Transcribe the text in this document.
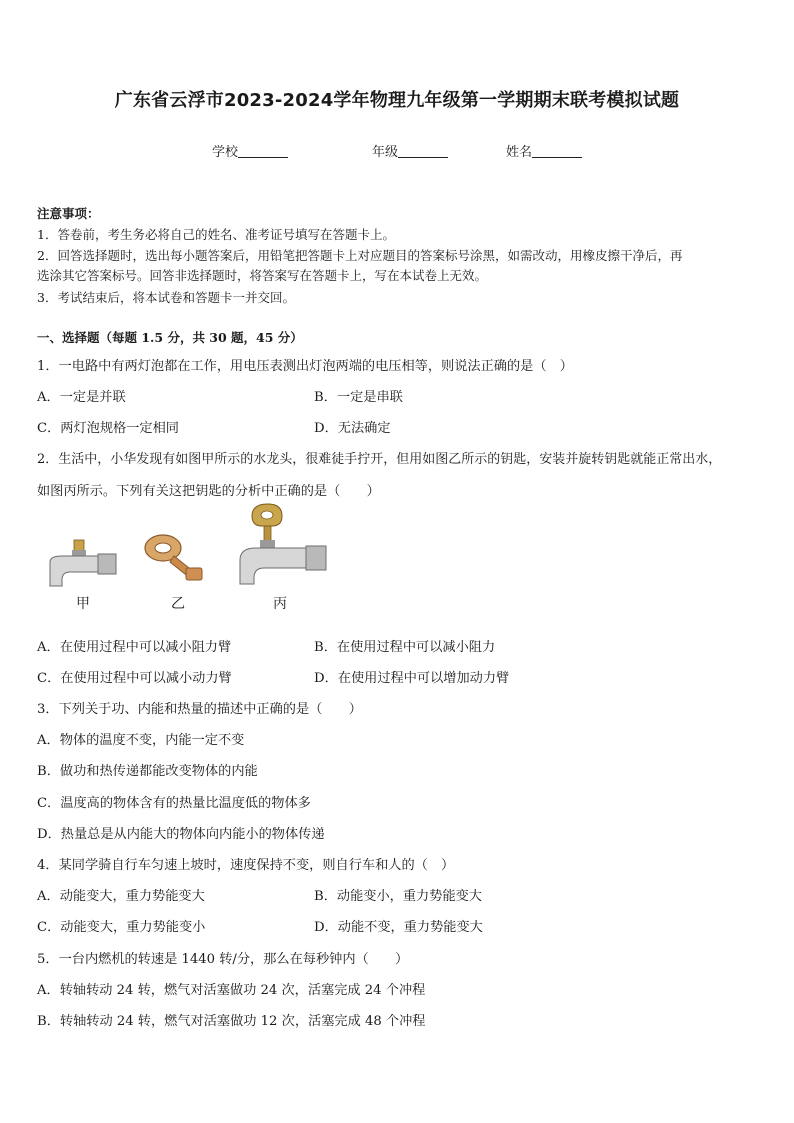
广东省云浮市2023-2024学年物理九年级第一学期期末联考模拟试题
学校	年级	姓名
注意事项：
1．答卷前，考生务必将自己的姓名、准考证号填写在答题卡上。
2．回答选择题时，选出每小题答案后，用铅笔把答题卡上对应题目的答案标号涂黑，如需改动，用橡皮擦干净后，再
选涂其它答案标号。回答非选择题时，将答案写在答题卡上，写在本试卷上无效。
3．考试结束后，将本试卷和答题卡一并交回。
一、选择题（每题 1.5 分，共 30 题，45 分）
1．一电路中有两灯泡都在工作，用电压表测出灯泡两端的电压相等，则说法正确的是（　）
A．一定是并联	B．一定是串联
C．两灯泡规格一定相同	D．无法确定
2．生活中，小华发现有如图甲所示的水龙头，很难徒手拧开，但用如图乙所示的钥匙，安装并旋转钥匙就能正常出水，
如图丙所示。下列有关这把钥匙的分析中正确的是（　　）
甲	乙	丙
A．在使用过程中可以减小阻力臂	B．在使用过程中可以减小阻力
C．在使用过程中可以减小动力臂	D．在使用过程中可以增加动力臂
3．下列关于功、内能和热量的描述中正确的是（　　）
A．物体的温度不变，内能一定不变
B．做功和热传递都能改变物体的内能
C．温度高的物体含有的热量比温度低的物体多
D．热量总是从内能大的物体向内能小的物体传递
4．某同学骑自行车匀速上坡时，速度保持不变，则自行车和人的（　）
A．动能变大，重力势能变大	B．动能变小，重力势能变大
C．动能变大，重力势能变小	D．动能不变，重力势能变大
5．一台内燃机的转速是 1440 转/分，那么在每秒钟内（　　）
A．转轴转动 24 转，燃气对活塞做功 24 次，活塞完成 24 个冲程
B．转轴转动 24 转，燃气对活塞做功 12 次，活塞完成 48 个冲程
